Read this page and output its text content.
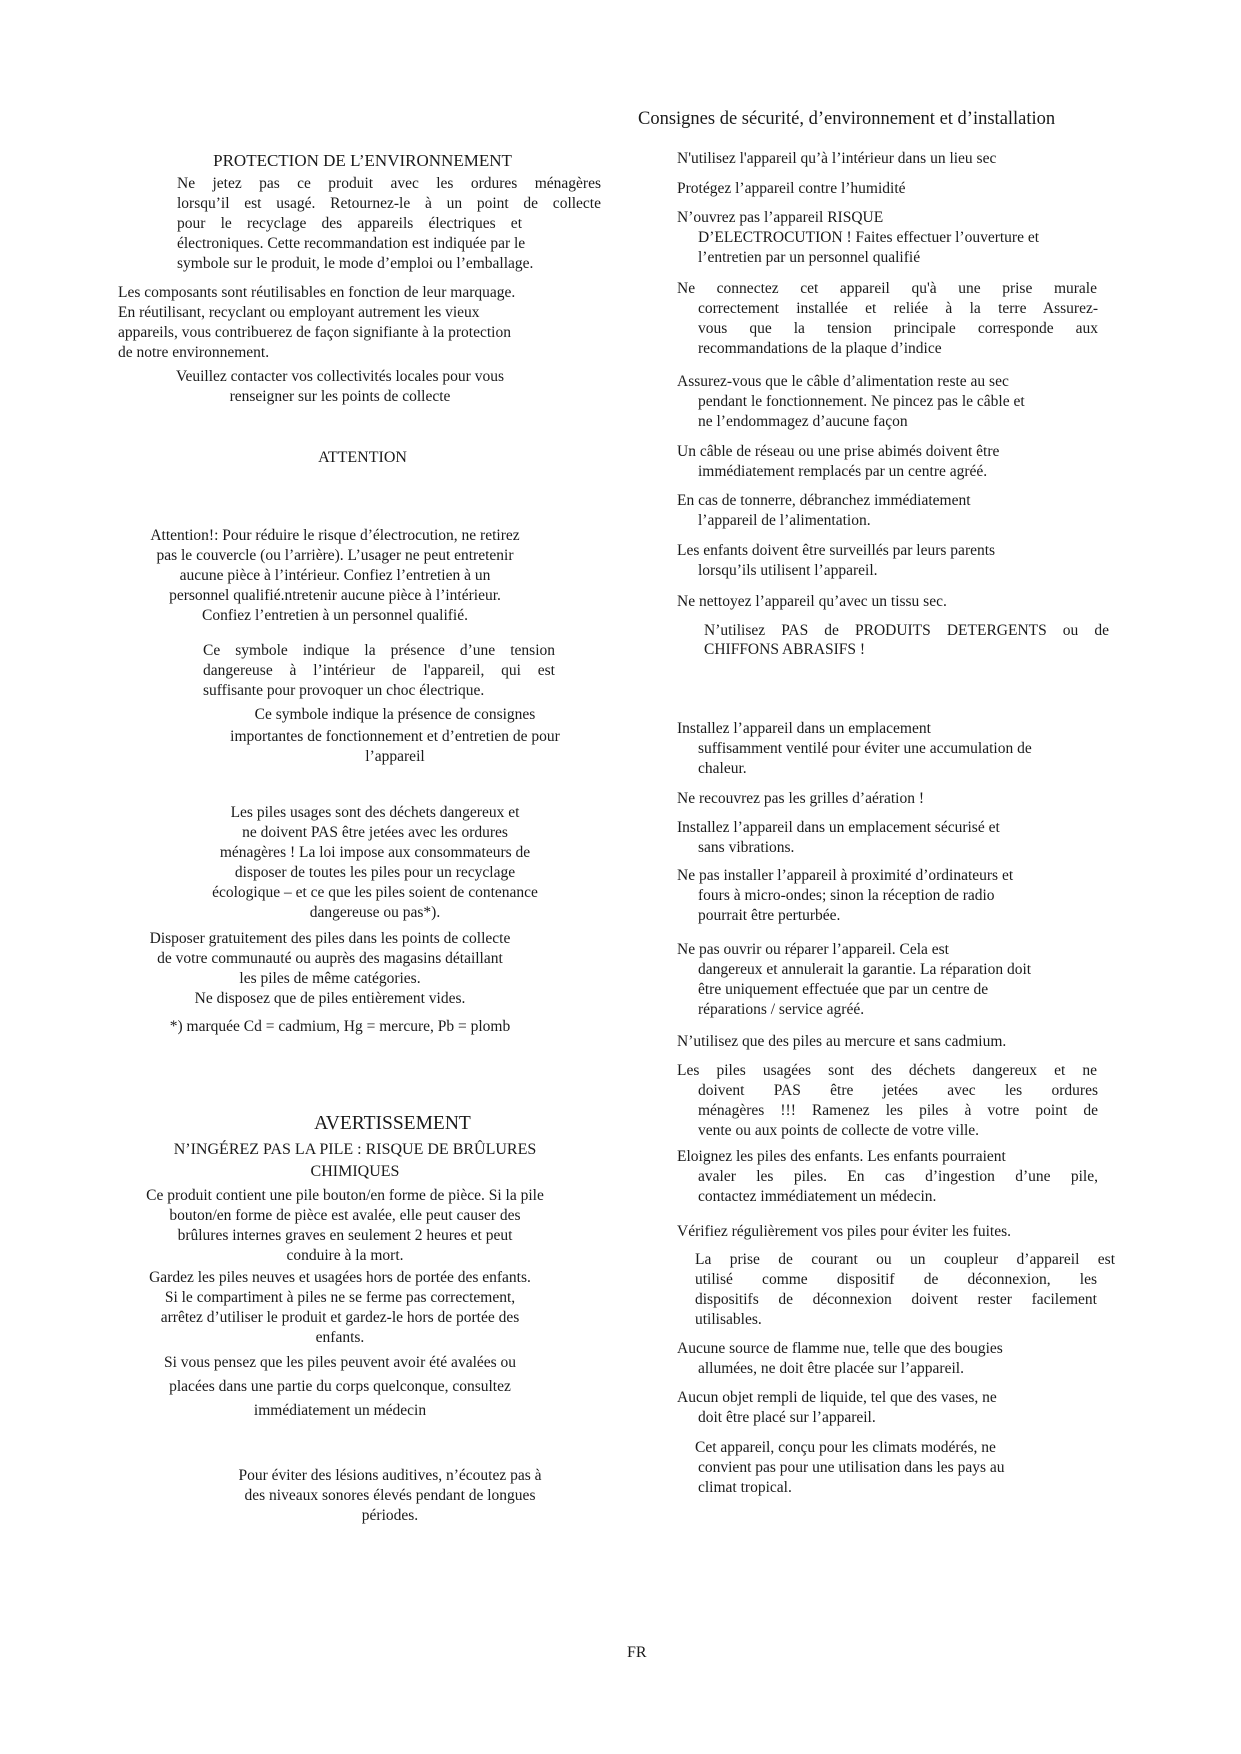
Consignes de sécurité, d’environnement et d’installation
PROTECTION DE L’ENVIRONNEMENT
Ne jetez pas ce produit avec les ordures ménagères
lorsqu’il est usagé. Retournez-le à un point de collecte
pour le recyclage des appareils électriques et
électroniques. Cette recommandation est indiquée par le
symbole sur le produit, le mode d’emploi ou l’emballage.
Les composants sont réutilisables en fonction de leur marquage.
En réutilisant, recyclant ou employant autrement les vieux
appareils, vous contribuerez de façon signifiante à la protection
de notre environnement.
Veuillez contacter vos collectivités locales pour vous
renseigner sur les points de collecte
ATTENTION
Attention!: Pour réduire le risque d’électrocution, ne retirez
pas le couvercle (ou l’arrière). L’usager ne peut entretenir
aucune pièce à l’intérieur. Confiez l’entretien à un
personnel qualifié.ntretenir aucune pièce à l’intérieur.
Confiez l’entretien à un personnel qualifié.
Ce symbole indique la présence d’une tension
dangereuse à l’intérieur de l'appareil, qui est
suffisante pour provoquer un choc électrique.
Ce symbole indique la présence de consignes
importantes de fonctionnement et d’entretien de pour
l’appareil
Les piles usages sont des déchets dangereux et
ne doivent PAS être jetées avec les ordures
ménagères ! La loi impose aux consommateurs de
disposer de toutes les piles pour un recyclage
écologique – et ce que les piles soient de contenance
dangereuse ou pas*).
Disposer gratuitement des piles dans les points de collecte
de votre communauté ou auprès des magasins détaillant
les piles de même catégories.
Ne disposez que de piles entièrement vides.
*) marquée Cd = cadmium, Hg = mercure, Pb = plomb
AVERTISSEMENT
N’INGÉREZ PAS LA PILE : RISQUE DE BRÛLURES
CHIMIQUES
Ce produit contient une pile bouton/en forme de pièce. Si la pile
bouton/en forme de pièce est avalée, elle peut causer des
brûlures internes graves en seulement 2 heures et peut
conduire à la mort.
Gardez les piles neuves et usagées hors de portée des enfants.
Si le compartiment à piles ne se ferme pas correctement,
arrêtez d’utiliser le produit et gardez-le hors de portée des
enfants.
Si vous pensez que les piles peuvent avoir été avalées ou
placées dans une partie du corps quelconque, consultez
immédiatement un médecin
Pour éviter des lésions auditives, n’écoutez pas à
des niveaux sonores élevés pendant de longues
périodes.
N'utilisez l'appareil qu’à l’intérieur dans un lieu sec
Protégez l’appareil contre l’humidité
N’ouvrez pas l’appareil RISQUE
D’ELECTROCUTION ! Faites effectuer l’ouverture et
l’entretien par un personnel qualifié
Ne connectez cet appareil qu'à une prise murale
correctement installée et reliée à la terre Assurez-
vous que la tension principale corresponde aux
recommandations de la plaque d’indice
Assurez-vous que le câble d’alimentation reste au sec
pendant le fonctionnement. Ne pincez pas le câble et
ne l’endommagez d’aucune façon
Un câble de réseau ou une prise abimés doivent être
immédiatement remplacés par un centre agréé.
En cas de tonnerre, débranchez immédiatement
l’appareil de l’alimentation.
Les enfants doivent être surveillés par leurs parents
lorsqu’ils utilisent l’appareil.
Ne nettoyez l’appareil qu’avec un tissu sec.
Installez l’appareil dans un emplacement
suffisamment ventilé pour éviter une accumulation de
chaleur.
Ne recouvrez pas les grilles d’aération !
Installez l’appareil dans un emplacement sécurisé et
sans vibrations.
Ne pas installer l’appareil à proximité d’ordinateurs et
fours à micro-ondes; sinon la réception de radio
pourrait être perturbée.
Ne pas ouvrir ou réparer l’appareil. Cela est
dangereux et annulerait la garantie. La réparation doit
être uniquement effectuée que par un centre de
réparations / service agréé.
N’utilisez que des piles au mercure et sans cadmium.
Les piles usagées sont des déchets dangereux et ne
doivent PAS être jetées avec les ordures
ménagères !!! Ramenez les piles à votre point de
vente ou aux points de collecte de votre ville.
Eloignez les piles des enfants. Les enfants pourraient
avaler les piles. En cas d’ingestion d’une pile,
contactez immédiatement un médecin.
Vérifiez régulièrement vos piles pour éviter les fuites.
La prise de courant ou un coupleur d’appareil est
utilisé comme dispositif de déconnexion, les
dispositifs de déconnexion doivent rester facilement
utilisables.
Aucune source de flamme nue, telle que des bougies
allumées, ne doit être placée sur l’appareil.
Aucun objet rempli de liquide, tel que des vases, ne
doit être placé sur l’appareil.
Cet appareil, conçu pour les climats modérés, ne
convient pas pour une utilisation dans les pays au
climat tropical.
N’utilisez PAS de PRODUITS DETERGENTS ou de
CHIFFONS ABRASIFS !
FR
